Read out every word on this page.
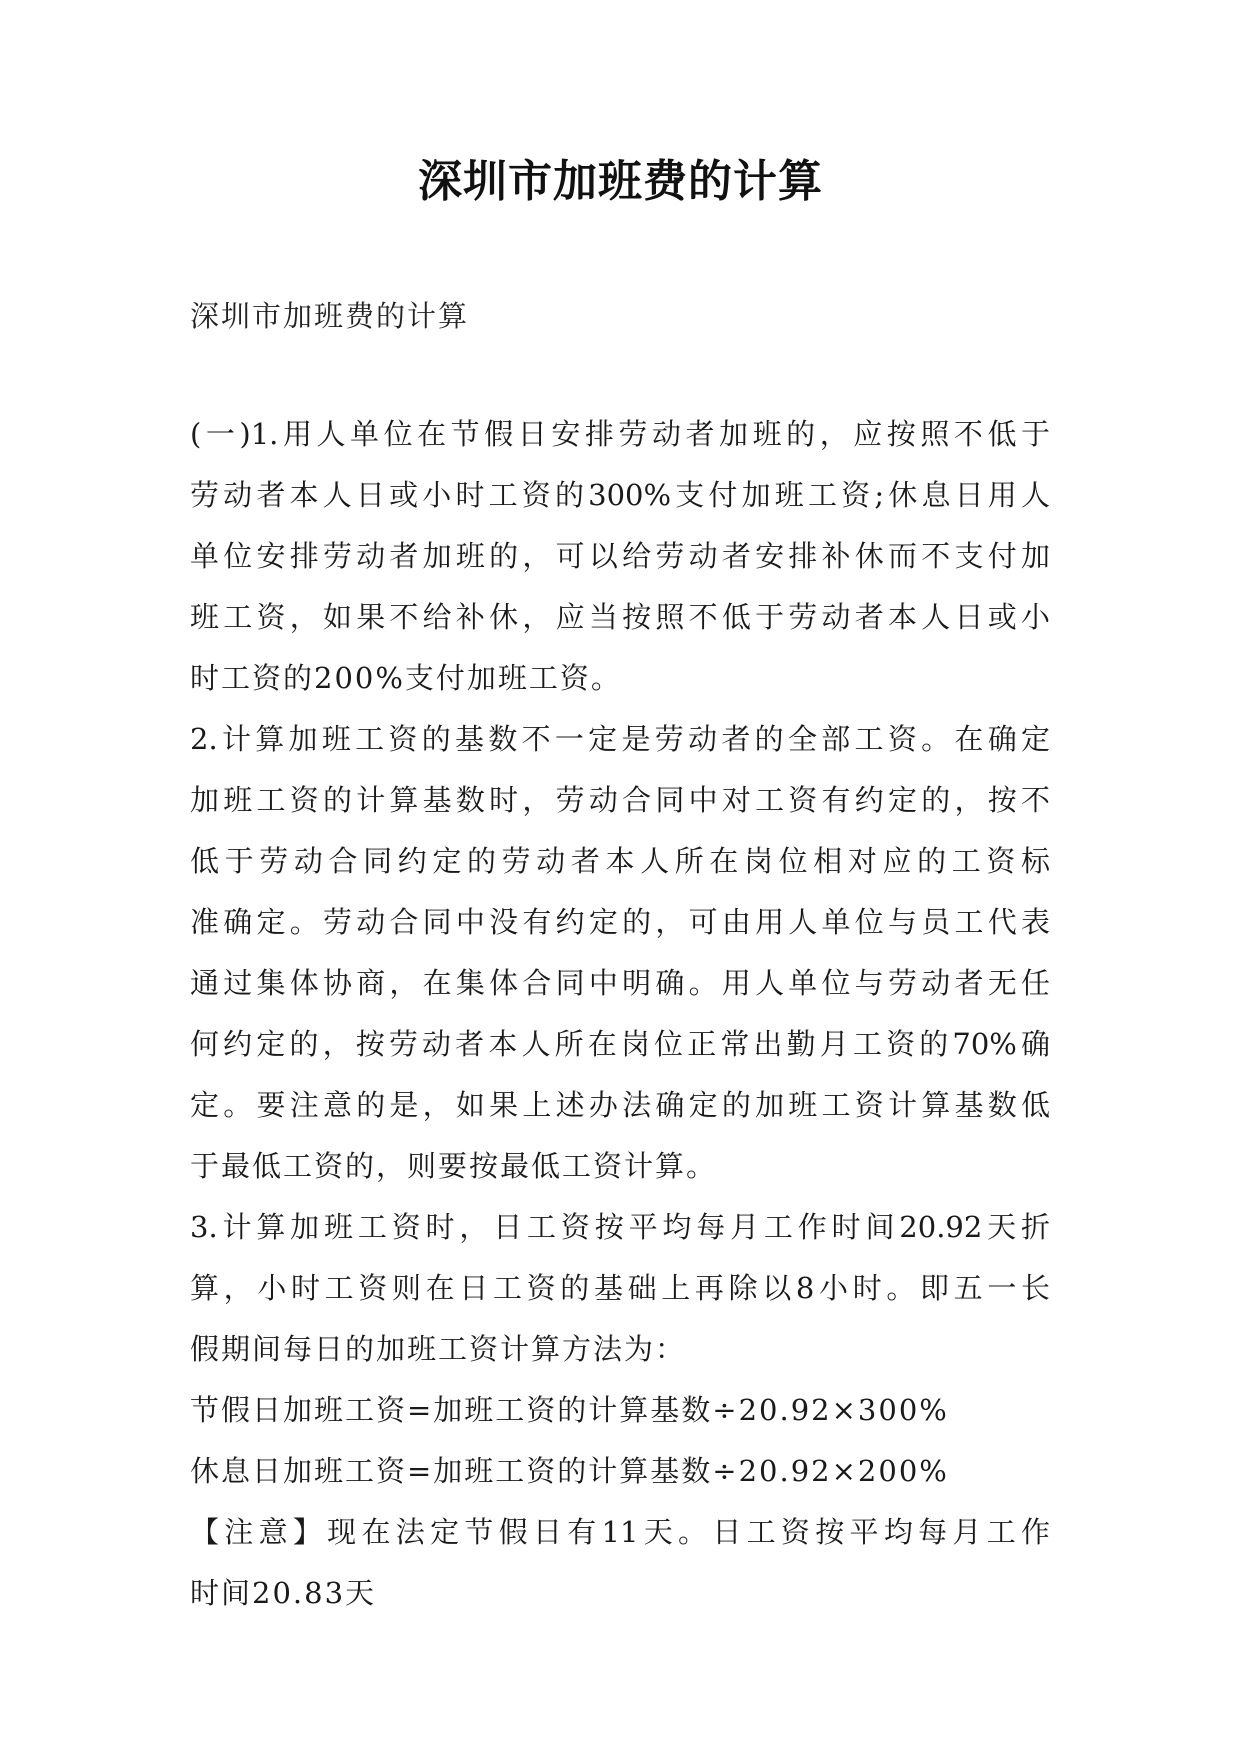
深圳市加班费的计算

深圳市加班费的计算

(一)1.用人单位在节假日安排劳动者加班的，应按照不低于
劳动者本人日或小时工资的300%支付加班工资;休息日用人
单位安排劳动者加班的，可以给劳动者安排补休而不支付加
班工资，如果不给补休，应当按照不低于劳动者本人日或小
时工资的200%支付加班工资。
2.计算加班工资的基数不一定是劳动者的全部工资。在确定
加班工资的计算基数时，劳动合同中对工资有约定的，按不
低于劳动合同约定的劳动者本人所在岗位相对应的工资标
准确定。劳动合同中没有约定的，可由用人单位与员工代表
通过集体协商，在集体合同中明确。用人单位与劳动者无任
何约定的，按劳动者本人所在岗位正常出勤月工资的70%确
定。要注意的是，如果上述办法确定的加班工资计算基数低
于最低工资的，则要按最低工资计算。
3.计算加班工资时，日工资按平均每月工作时间20.92天折
算，小时工资则在日工资的基础上再除以8小时。即五一长
假期间每日的加班工资计算方法为：
节假日加班工资=加班工资的计算基数÷20.92×300%
休息日加班工资=加班工资的计算基数÷20.92×200%
【注意】现在法定节假日有11天。日工资按平均每月工作
时间20.83天
